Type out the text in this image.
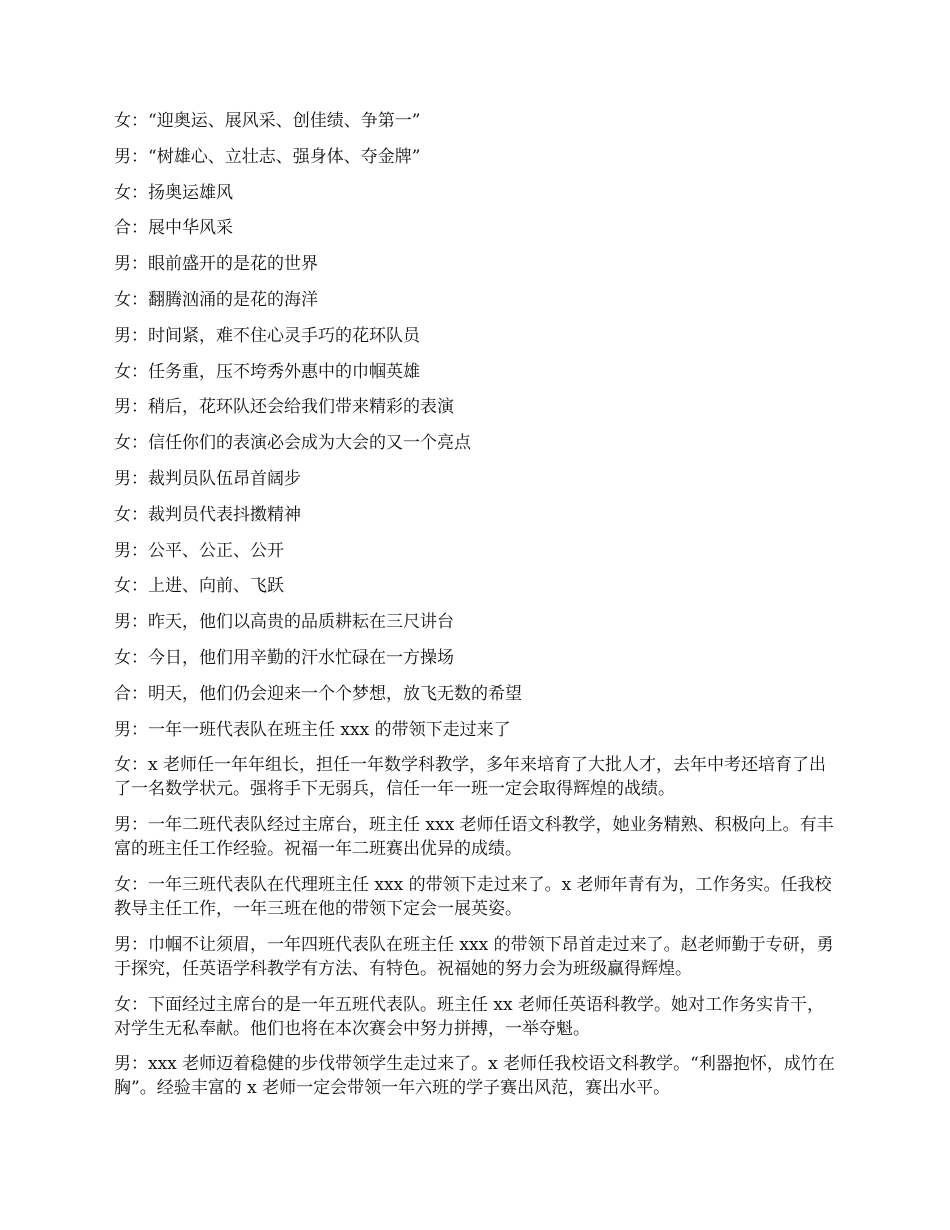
女：“迎奥运、展风采、创佳绩、争第一”

男：“树雄心、立壮志、强身体、夺金牌”

女：扬奥运雄风

合：展中华风采

男：眼前盛开的是花的世界

女：翻腾汹涌的是花的海洋

男：时间紧，难不住心灵手巧的花环队员

女：任务重，压不垮秀外惠中的巾帼英雄

男：稍后，花环队还会给我们带来精彩的表演

女：信任你们的表演必会成为大会的又一个亮点

男：裁判员队伍昂首阔步

女：裁判员代表抖擞精神

男：公平、公正、公开

女：上进、向前、飞跃

男：昨天，他们以高贵的品质耕耘在三尺讲台

女：今日，他们用辛勤的汗水忙碌在一方操场

合：明天，他们仍会迎来一个个梦想，放飞无数的希望

男：一年一班代表队在班主任 xxx 的带领下走过来了

女：x 老师任一年年组长，担任一年数学科教学，多年来培育了大批人才，去年中考还培育了出了一名数学状元。强将手下无弱兵，信任一年一班一定会取得辉煌的战绩。

男：一年二班代表队经过主席台，班主任 xxx 老师任语文科教学，她业务精熟、积极向上。有丰富的班主任工作经验。祝福一年二班赛出优异的成绩。

女：一年三班代表队在代理班主任 xxx 的带领下走过来了。x 老师年青有为，工作务实。任我校教导主任工作，一年三班在他的带领下定会一展英姿。

男：巾帼不让须眉，一年四班代表队在班主任 xxx 的带领下昂首走过来了。赵老师勤于专研，勇于探究，任英语学科教学有方法、有特色。祝福她的努力会为班级赢得辉煌。

女：下面经过主席台的是一年五班代表队。班主任 xx 老师任英语科教学。她对工作务实肯干，对学生无私奉献。他们也将在本次赛会中努力拼搏，一举夺魁。

男：xxx 老师迈着稳健的步伐带领学生走过来了。x 老师任我校语文科教学。“利器抱怀，成竹在胸”。经验丰富的 x 老师一定会带领一年六班的学子赛出风范，赛出水平。
